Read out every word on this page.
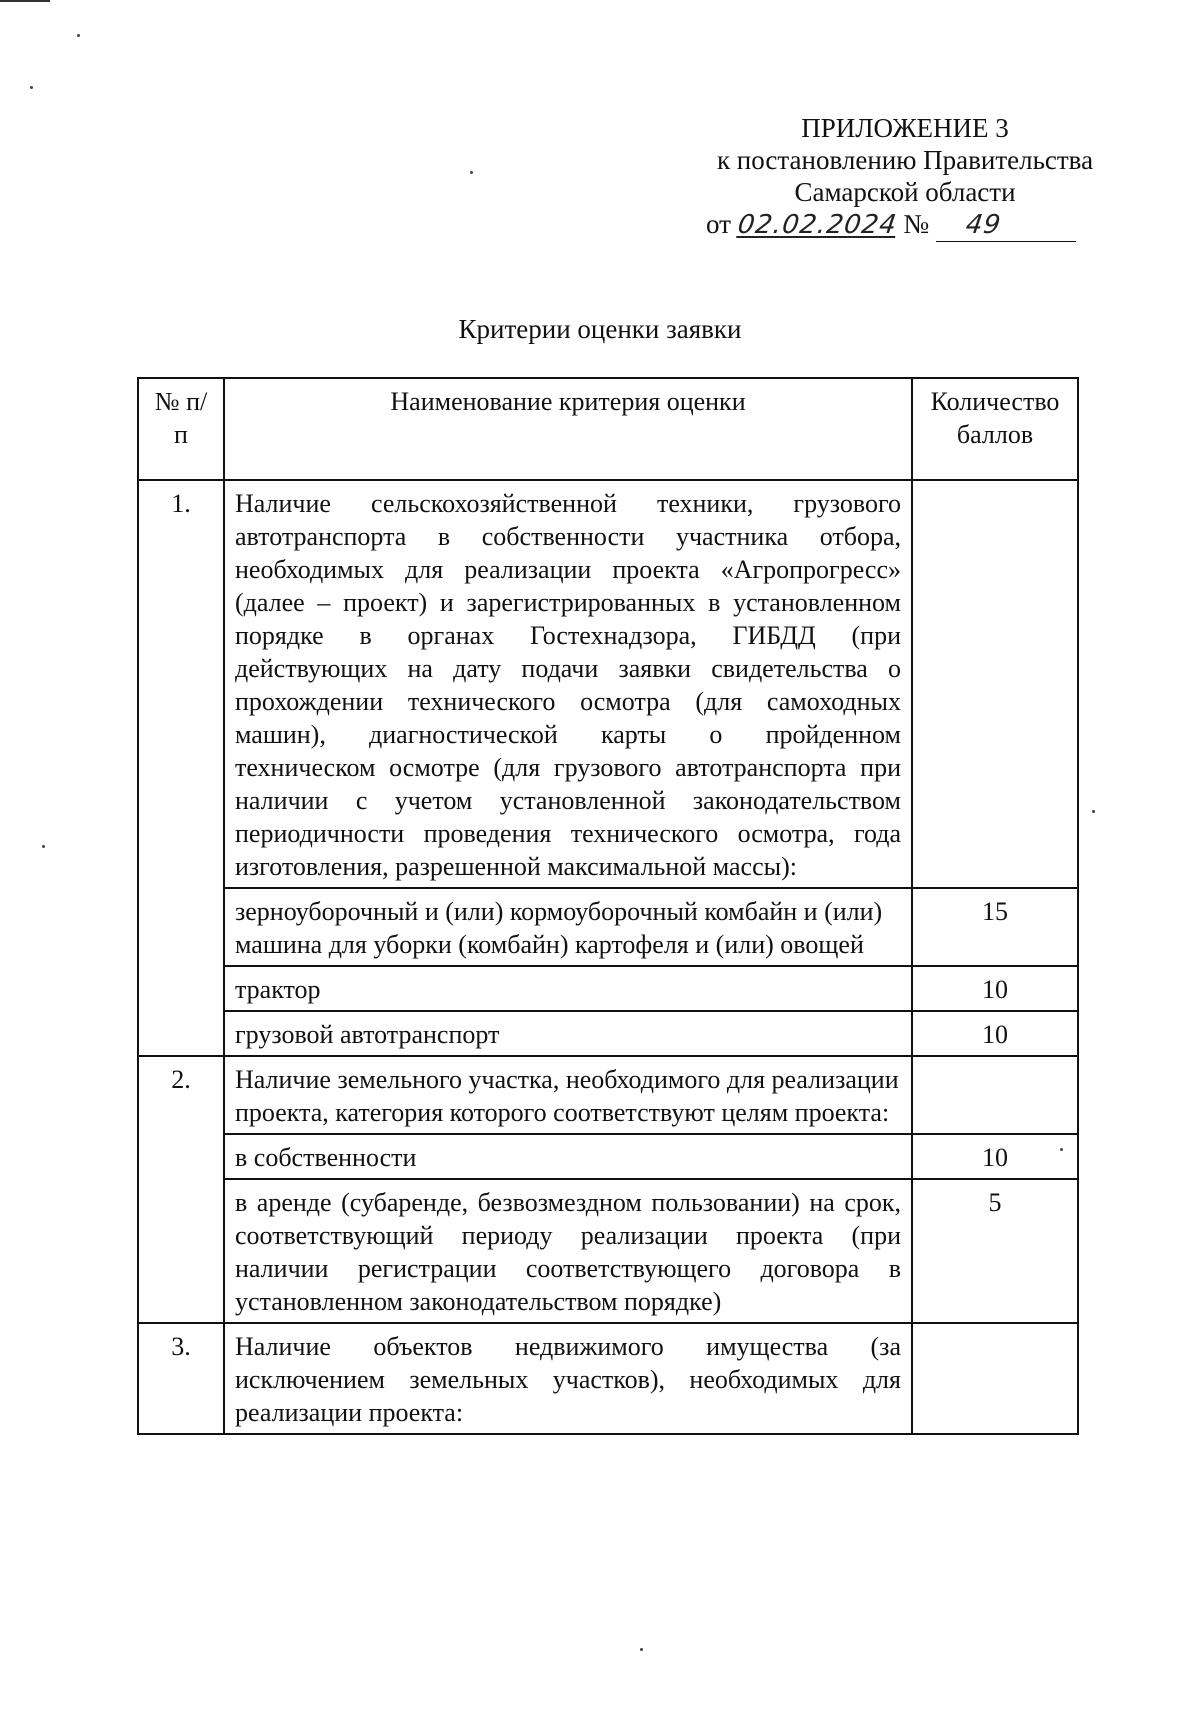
ПРИЛОЖЕНИЕ 3
к постановлению Правительства
Самарской области
от 02.02.2024 № 49
Критерии оценки заявки
№ п/п	Наименование критерия оценки	Количество баллов
1.	Наличие сельскохозяйственной техники, грузового автотранспорта в собственности участника отбора, необходимых для реализации проекта «Агропрогресс» (далее – проект) и зарегистрированных в установленном порядке в органах Гостехнадзора, ГИБДД (при действующих на дату подачи заявки свидетельства о прохождении технического осмотра (для самоходных машин), диагностической карты о пройденном техническом осмотре (для грузового автотранспорта при наличии с учетом установленной законодательством периодичности проведения технического осмотра, года изготовления, разрешенной максимальной массы):	
	зерноуборочный и (или) кормоуборочный комбайн и (или) машина для уборки (комбайн) картофеля и (или) овощей	15
	трактор	10
	грузовой автотранспорт	10
2.	Наличие земельного участка, необходимого для реализации проекта, категория которого соответствуют целям проекта:	
	в собственности	10
	в аренде (субаренде, безвозмездном пользовании) на срок, соответствующий периоду реализации проекта (при наличии регистрации соответствующего договора в установленном законодательством порядке)	5
3.	Наличие объектов недвижимого имущества (за исключением земельных участков), необходимых для реализации проекта:	
